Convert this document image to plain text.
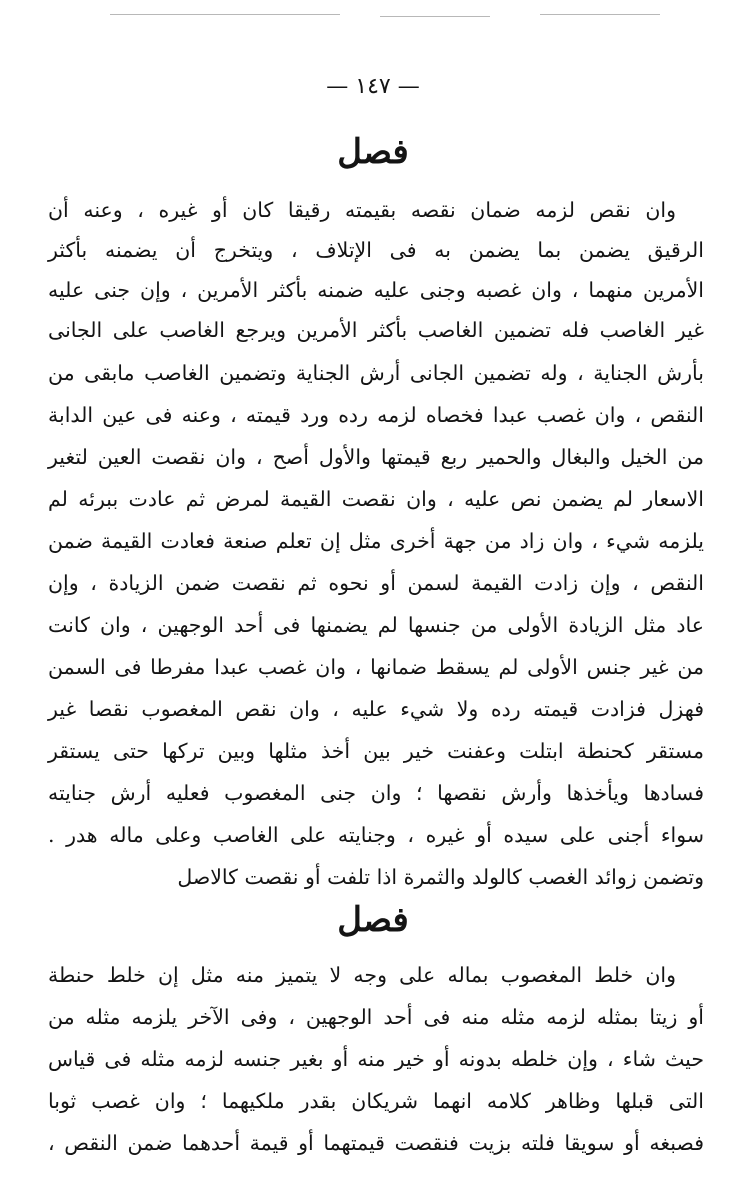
— ١٤٧ —
فصل
وان نقص لزمه ضمان نقصه بقيمته رقيقا كان أو غيره ، وعنه أن
الرقيق يضمن بما يضمن به فى الإتلاف ، ويتخرج أن يضمنه بأكثر
الأمرين منهما ، وان غصبه وجنى عليه ضمنه بأكثر الأمرين ، وإن جنى عليه
غير الغاصب فله تضمين الغاصب بأكثر الأمرين ويرجع الغاصب على الجانى
بأرش الجناية ، وله تضمين الجانى أرش الجناية وتضمين الغاصب مابقى من
النقص ، وان غصب عبدا فخصاه لزمه رده ورد قيمته ، وعنه فى عين الدابة
من الخيل والبغال والحمير ربع قيمتها والأول أصح ، وان نقصت العين لتغير
الاسعار لم يضمن نص عليه ، وان نقصت القيمة لمرض ثم عادت ببرئه لم
يلزمه شيء ، وان زاد من جهة أخرى مثل إن تعلم صنعة فعادت القيمة ضمن
النقص ، وإن زادت القيمة لسمن أو نحوه ثم نقصت ضمن الزيادة ، وإن
عاد مثل الزيادة الأولى من جنسها لم يضمنها فى أحد الوجهين ، وان كانت
من غير جنس الأولى لم يسقط ضمانها ، وان غصب عبدا مفرطا فى السمن
فهزل فزادت قيمته رده ولا شيء عليه ، وان نقص المغصوب نقصا غير
مستقر كحنطة ابتلت وعفنت خير بين أخذ مثلها وبين تركها حتى يستقر
فسادها ويأخذها وأرش نقصها ؛ وان جنى المغصوب فعليه أرش جنايته
سواء أجنى على سيده أو غيره ، وجنايته على الغاصب وعلى ماله هدر .
وتضمن زوائد الغصب كالولد والثمرة اذا تلفت أو نقصت كالاصل
فصل
وان خلط المغصوب بماله على وجه لا يتميز منه مثل إن خلط حنطة
أو زيتا بمثله لزمه مثله منه فى أحد الوجهين ، وفى الآخر يلزمه مثله من
حيث شاء ، وإن خلطه بدونه أو خير منه أو بغير جنسه لزمه مثله فى قياس
التى قبلها وظاهر كلامه انهما شريكان بقدر ملكيهما ؛ وان غصب ثوبا
فصبغه أو سويقا فلته بزيت فنقصت قيمتهما أو قيمة أحدهما ضمن النقص ،
